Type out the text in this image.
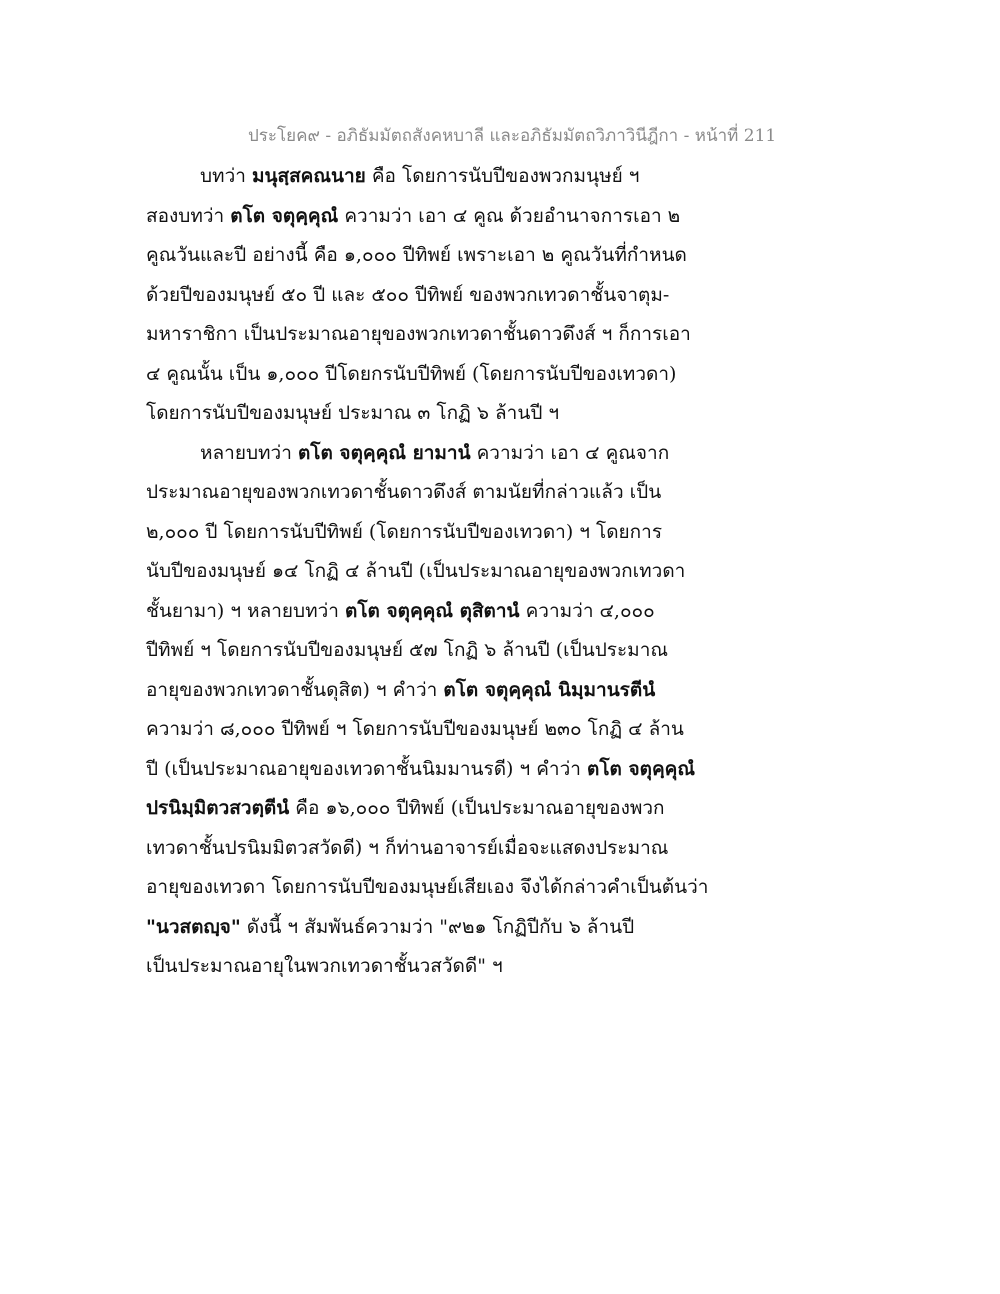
ประโยค๙ - อภิธัมมัตถสังคหบาลี และอภิธัมมัตถวิภาวินีฎีกา - หน้าที่ 211
บทว่า มนุสฺสคณนาย คือ โดยการนับปีของพวกมนุษย์ ฯ
สองบทว่า ตโต จตุคฺคุณํ ความว่า เอา ๔ คูณ ด้วยอำนาจการเอา ๒
คูณวันและปี อย่างนี้ คือ ๑,๐๐๐ ปีทิพย์ เพราะเอา ๒ คูณวันที่กำหนด
ด้วยปีของมนุษย์ ๕๐ ปี และ ๕๐๐ ปีทิพย์ ของพวกเทวดาชั้นจาตุม-
มหาราชิกา เป็นประมาณอายุของพวกเทวดาชั้นดาวดึงส์ ฯ ก็การเอา
๔ คูณนั้น เป็น ๑,๐๐๐ ปีโดยกรนับปีทิพย์ (โดยการนับปีของเทวดา)
โดยการนับปีของมนุษย์ ประมาณ ๓ โกฏิ ๖ ล้านปี ฯ
หลายบทว่า ตโต จตุคฺคุณํ ยามานํ ความว่า เอา ๔ คูณจาก
ประมาณอายุของพวกเทวดาชั้นดาวดึงส์ ตามนัยที่กล่าวแล้ว เป็น
๒,๐๐๐ ปี โดยการนับปีทิพย์ (โดยการนับปีของเทวดา) ฯ โดยการ
นับปีของมนุษย์ ๑๔ โกฏิ ๔ ล้านปี (เป็นประมาณอายุของพวกเทวดา
ชั้นยามา) ฯ หลายบทว่า ตโต จตุคฺคุณํ ตุสิตานํ ความว่า ๔,๐๐๐
ปีทิพย์ ฯ โดยการนับปีของมนุษย์ ๕๗ โกฏิ ๖ ล้านปี (เป็นประมาณ
อายุของพวกเทวดาชั้นดุสิต) ฯ คำว่า ตโต จตุคฺคุณํ นิมฺมานรตีนํ
ความว่า ๘,๐๐๐ ปีทิพย์ ฯ โดยการนับปีของมนุษย์ ๒๓๐ โกฏิ ๔ ล้าน
ปี (เป็นประมาณอายุของเทวดาชั้นนิมมานรดี) ฯ คำว่า ตโต จตุคฺคุณํ
ปรนิมฺมิตวสวตฺตีนํ คือ ๑๖,๐๐๐ ปีทิพย์ (เป็นประมาณอายุของพวก
เทวดาชั้นปรนิมมิตวสวัดดี) ฯ ก็ท่านอาจารย์เมื่อจะแสดงประมาณ
อายุของเทวดา โดยการนับปีของมนุษย์เสียเอง จึงได้กล่าวคำเป็นต้นว่า
"นวสตญฺจ" ดังนี้ ฯ สัมพันธ์ความว่า "๙๒๑ โกฏิปีกับ ๖ ล้านปี
เป็นประมาณอายุในพวกเทวดาชั้นวสวัดดี" ฯ
